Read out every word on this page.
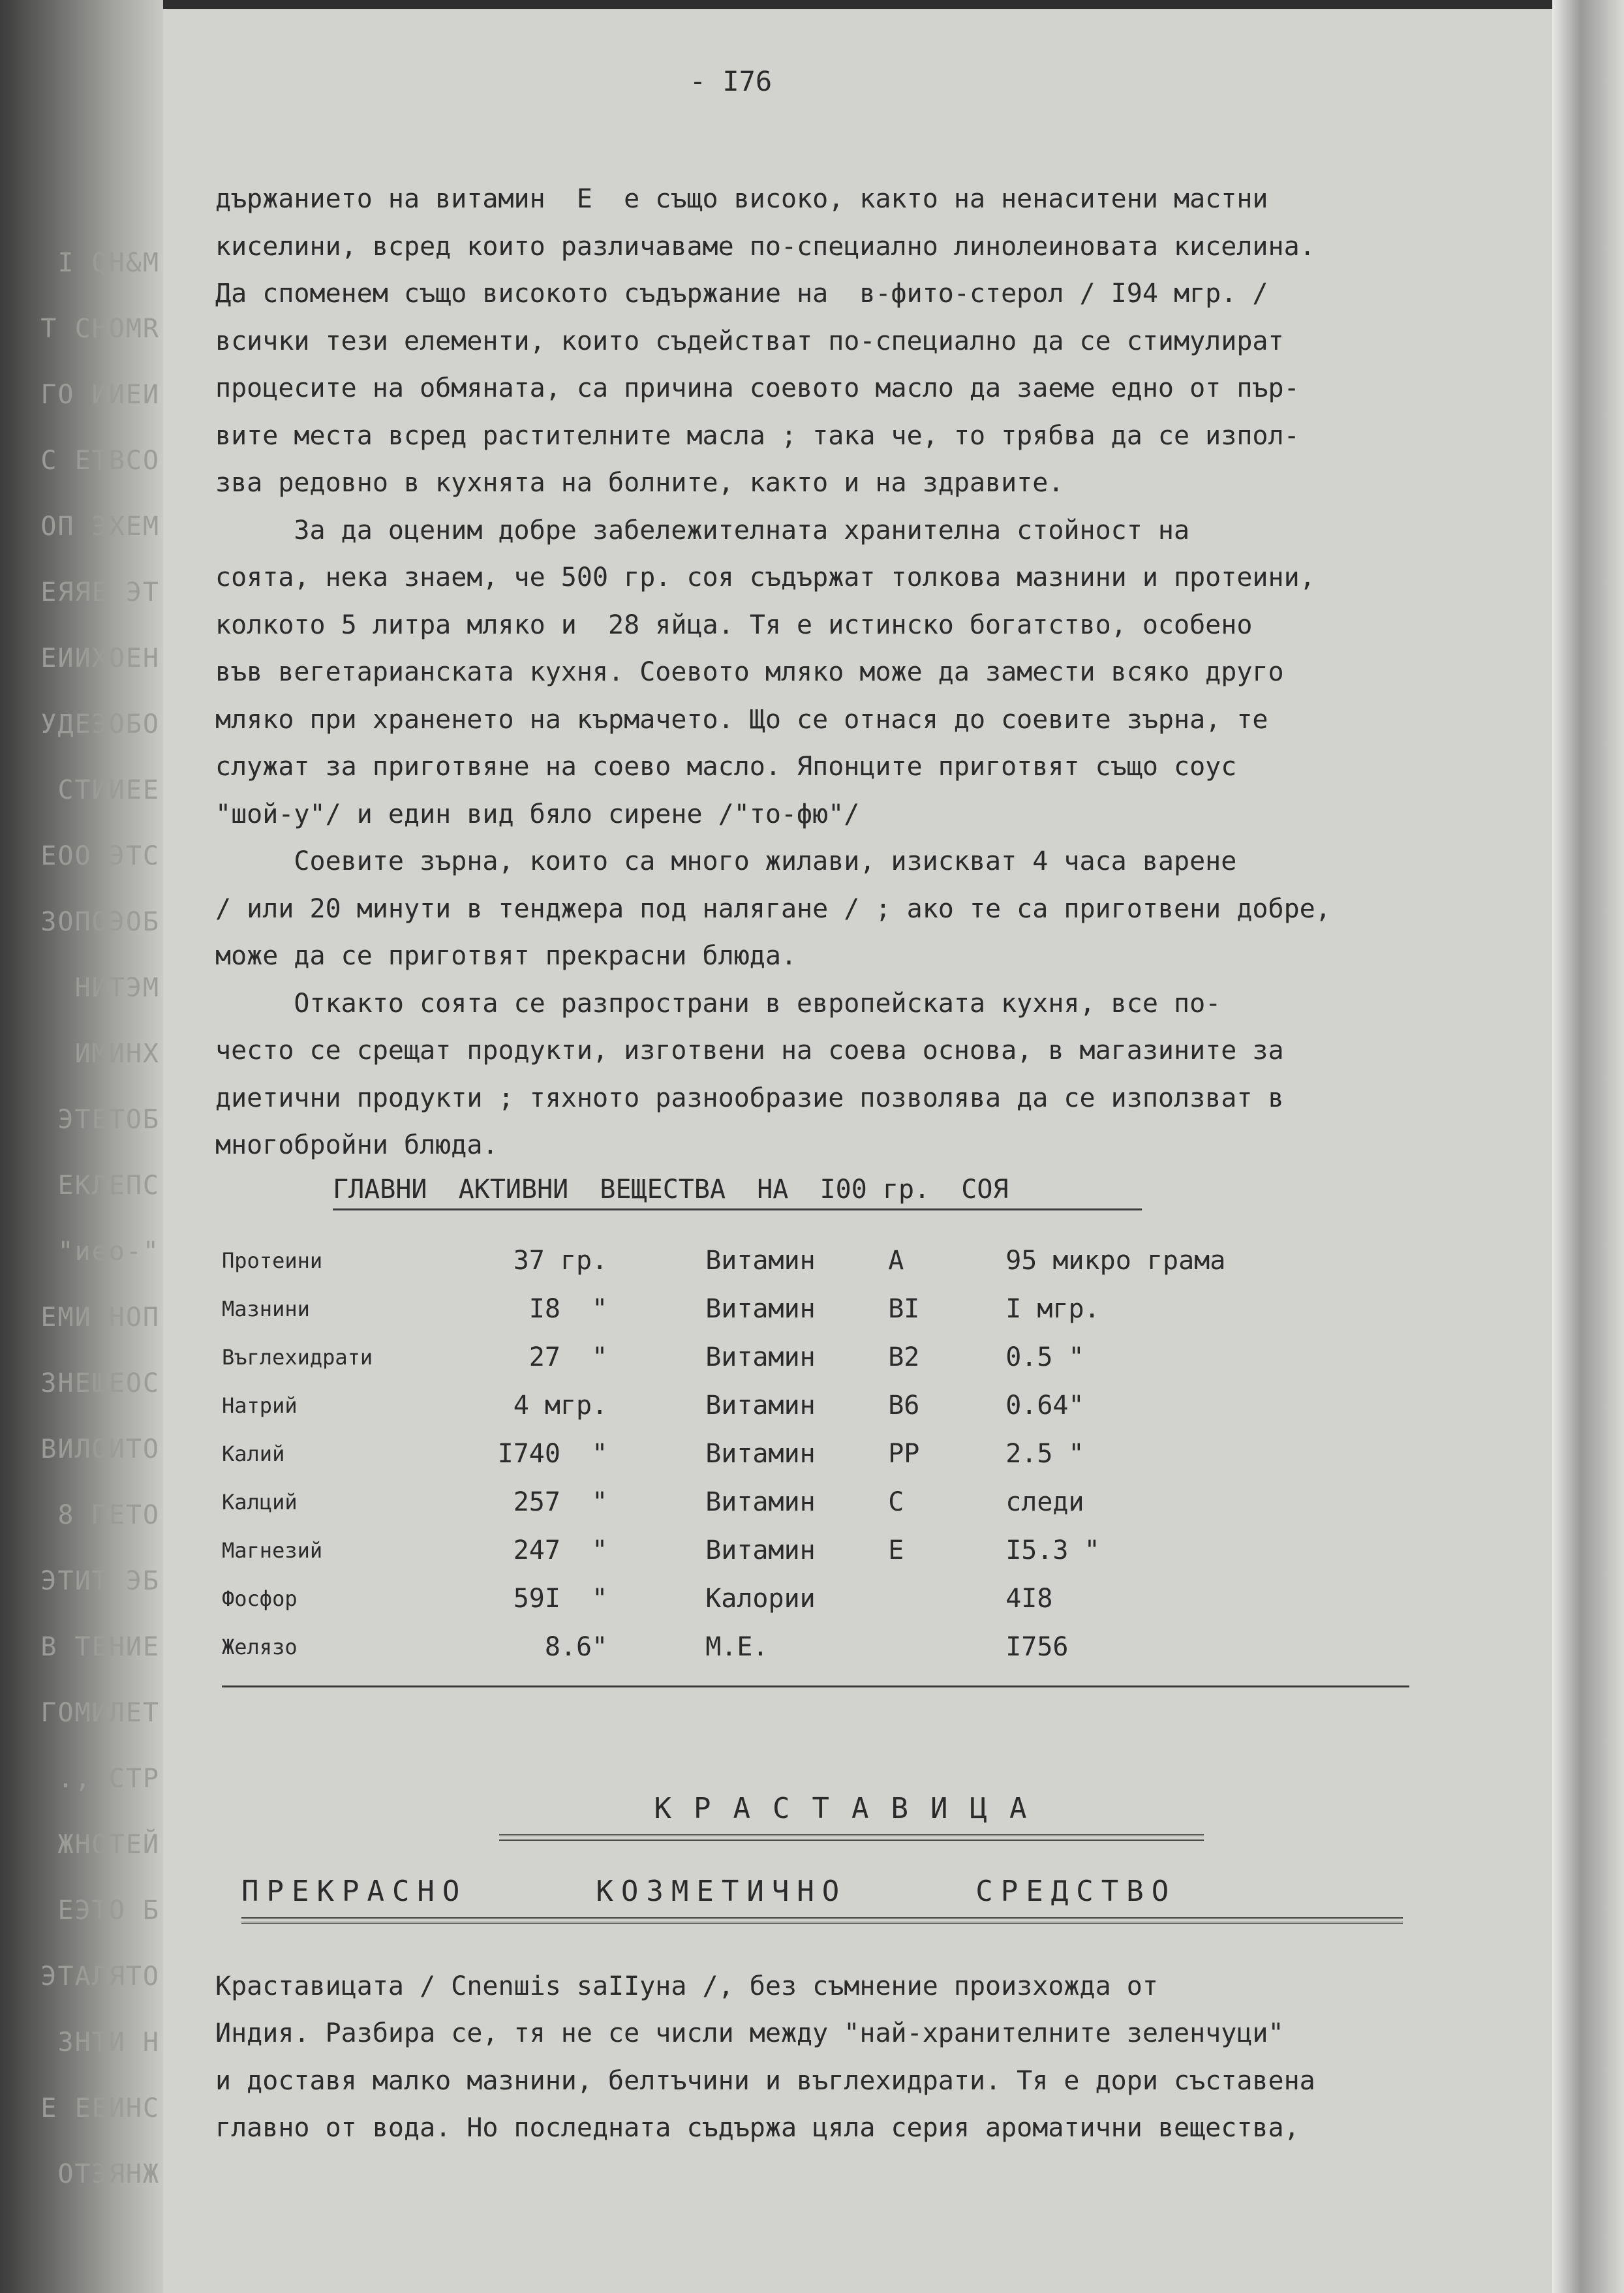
I QH&M
T CHOMR
ГО ИИЕИ
C ETBCO
ОП ЭХЕМ
ЕЯЯЕ ЭТ
ЕИИХОЕН
УДЕЭОБО
СТИИЕЕ
ЕОО ЭТС
ЗОПОЭОБ
НИТЭМ
ИМИНХ
ЭТЕТОБ
ЕКЛЕПС
"иео-"
ЕМИ НОП
ЗНЕШЕОС
ВИЛОИТО
8 ПЕТО
ЭТИТ ЭБ
В ТЕНИЕ
ГОМИЛЕТ
., CТР
ЖНОТЕЙ
ЕЭТО Б
ЭТАЛЯТО
ЗНТИ Н
Е ЕЕИНС
ОТЭЯНЖ
- I76

държанието на витамин  Е  е също високо, както на ненаситени мастни
киселини, всред които различаваме по-специално линолеиновата киселина.
Да споменем също високото съдържание на  в-фито-стерол / I94 мгр. /
всички тези елементи, които съдействат по-специално да се стимулират
процесите на обмяната, са причина соевото масло да заеме едно от пър-
вите места всред растителните масла ; така че, то трябва да се изпол-
зва редовно в кухнята на болните, както и на здравите.

За да оценим добре забележителната хранителна стойност на
соята, нека знаем, че 500 гр. соя съдържат толкова мазнини и протеини,
колкото 5 литра мляко и  28 яйца. Тя е истинско богатство, особено
във вегетарианската кухня. Соевото мляко може да замести всяко друго
мляко при храненето на кърмачето. Що се отнася до соевите зърна, те
служат за приготвяне на соево масло. Японците приготвят също соус
"шой-у"/ и един вид бяло сирене /"то-фю"/

Соевите зърна, които са много жилави, изискват 4 часа варене
/ или 20 минути в тенджера под налягане / ; ако те са приготвени добре,
може да се приготвят прекрасни блюда.

Откакто соята се разпространи в европейската кухня, все по-
често се срещат продукти, изготвени на соева основа, в магазините за
диетични продукти ; тяхното разнообразие позволява да се използват в
многобройни блюда.

ГЛАВНИ  АКТИВНИ  ВЕЩЕСТВА  НА  I00 гр.  СОЯ
Протеини	37 гр.	Витамин	А	95 микро грама
Мазнини	I8  "	Витамин	ВI	I мгр.
Въглехидрати	27  "	Витамин	В2	0.5 "
Натрий	4 мгр.	Витамин	В6	0.64"
Калий	I740  "	Витамин	РР	2.5 "
Калций	257  "	Витамин	С	следи
Магнезий	247  "	Витамин	Е	I5.3 "
Фосфор	59I  "	Калории		4I8
Желязо	8.6"	М.Е.		I756
КРАСТАВИЦА
ПРЕКРАСНО  КОЗМЕТИЧНО  СРЕДСТВО

Краставицата / Cnenшis saIIyна /, без съмнение произхожда от
Индия. Разбира се, тя не се числи между "най-хранителните зеленчуци"
и доставя малко мазнини, белтъчини и въглехидрати. Тя е дори съставена
главно от вода. Но последната съдържа цяла серия ароматични вещества,
